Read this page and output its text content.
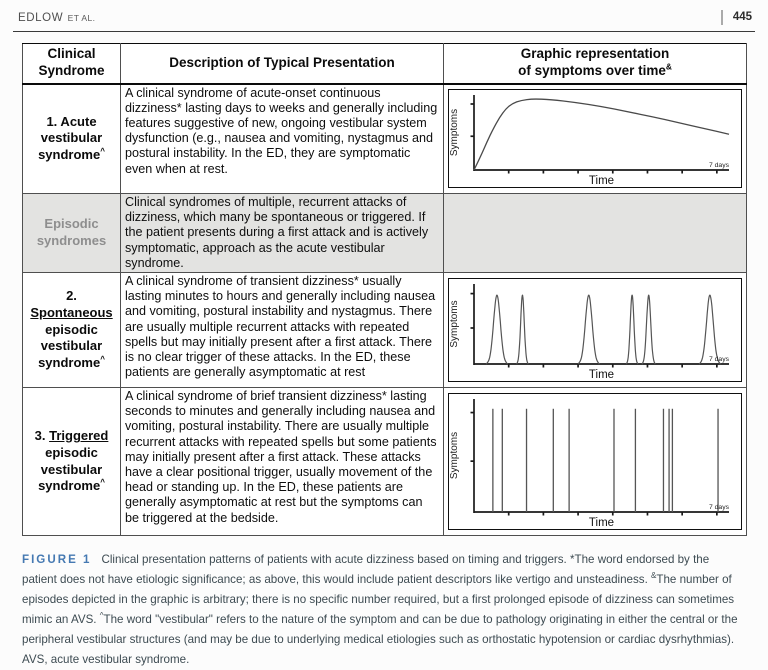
EDLOW ET AL.	445
Clinical Syndrome	Description of Typical Presentation	Graphic representation
of symptoms over time&
1. Acute vestibular syndrome^	A clinical syndrome of acute-onset continuous dizziness* lasting days to weeks and generally including features suggestive of new, ongoing vestibular system dysfunction (e.g., nausea and vomiting, nystagmus and postural instability. In the ED, they are symptomatic even when at rest.	
Symptoms
Time
7 days

Episodic syndromes	Clinical syndromes of multiple, recurrent attacks of dizziness, which many be spontaneous or triggered. If the patient presents during a first attack and is actively symptomatic, approach as the acute vestibular syndrome.	
2. Spontaneous episodic vestibular syndrome^	A clinical syndrome of transient dizziness* usually lasting minutes to hours and generally including nausea and vomiting, postural instability and nystagmus. There are usually multiple recurrent attacks with repeated spells but may initially present after a first attack. There is no clear trigger of these attacks. In the ED, these patients are generally asymptomatic at rest	
Symptoms
Time
7 days

3. Triggered episodic vestibular syndrome^	A clinical syndrome of brief transient dizziness* lasting seconds to minutes and generally including nausea and vomiting, postural instability. There are usually multiple recurrent attacks with repeated spells but some patients may initially present after a first attack. These attacks have a clear positional trigger, usually movement of the head or standing up. In the ED, these patients are generally asymptomatic at rest but the symptoms can be triggered at the bedside.	
Symptoms
Time
7 days

FIGURE 1 Clinical presentation patterns of patients with acute dizziness based on timing and triggers. *The word endorsed by the patient does not have etiologic significance; as above, this would include patient descriptors like vertigo and unsteadiness. &The number of episodes depicted in the graphic is arbitrary; there is no specific number required, but a first prolonged episode of dizziness can sometimes mimic an AVS. ^The word "vestibular" refers to the nature of the symptom and can be due to pathology originating in either the central or the peripheral vestibular structures (and may be due to underlying medical etiologies such as orthostatic hypotension or cardiac dysrhythmias). AVS, acute vestibular syndrome.
